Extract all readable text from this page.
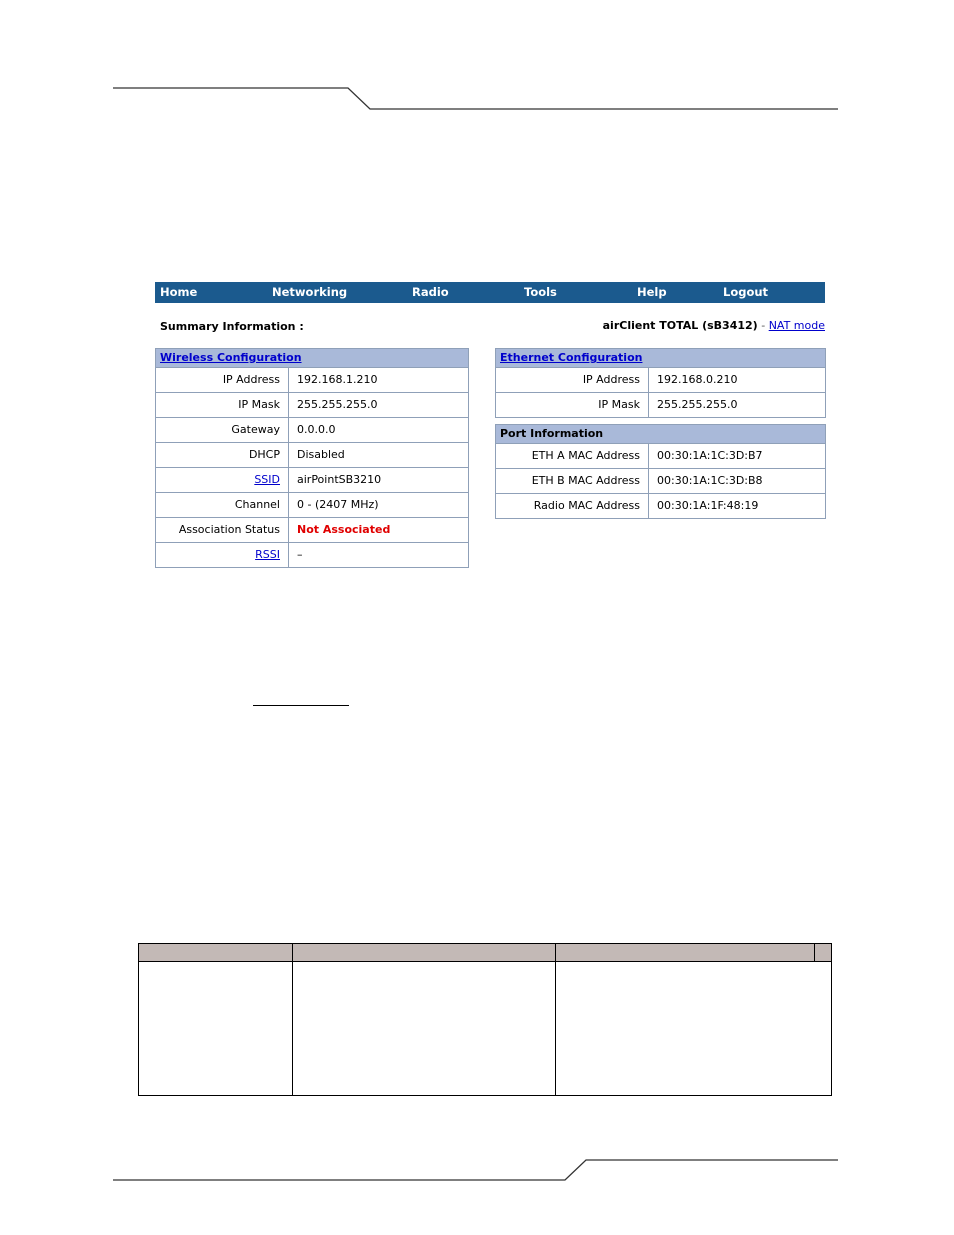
Home	Networking	Radio	Tools	Help	Logout
Summary Information :	airClient TOTAL (sB3412) - NAT mode
Wireless Configuration
IP Address	192.168.1.210
IP Mask	255.255.255.0
Gateway	0.0.0.0
DHCP	Disabled
SSID	airPointSB3210
Channel	0 - (2407 MHz)
Association Status	Not Associated
RSSI	–
Ethernet Configuration
IP Address	192.168.0.210
IP Mask	255.255.255.0
Port Information
ETH A MAC Address	00:30:1A:1C:3D:B7
ETH B MAC Address	00:30:1A:1C:3D:B8
Radio MAC Address	00:30:1A:1F:48:19
